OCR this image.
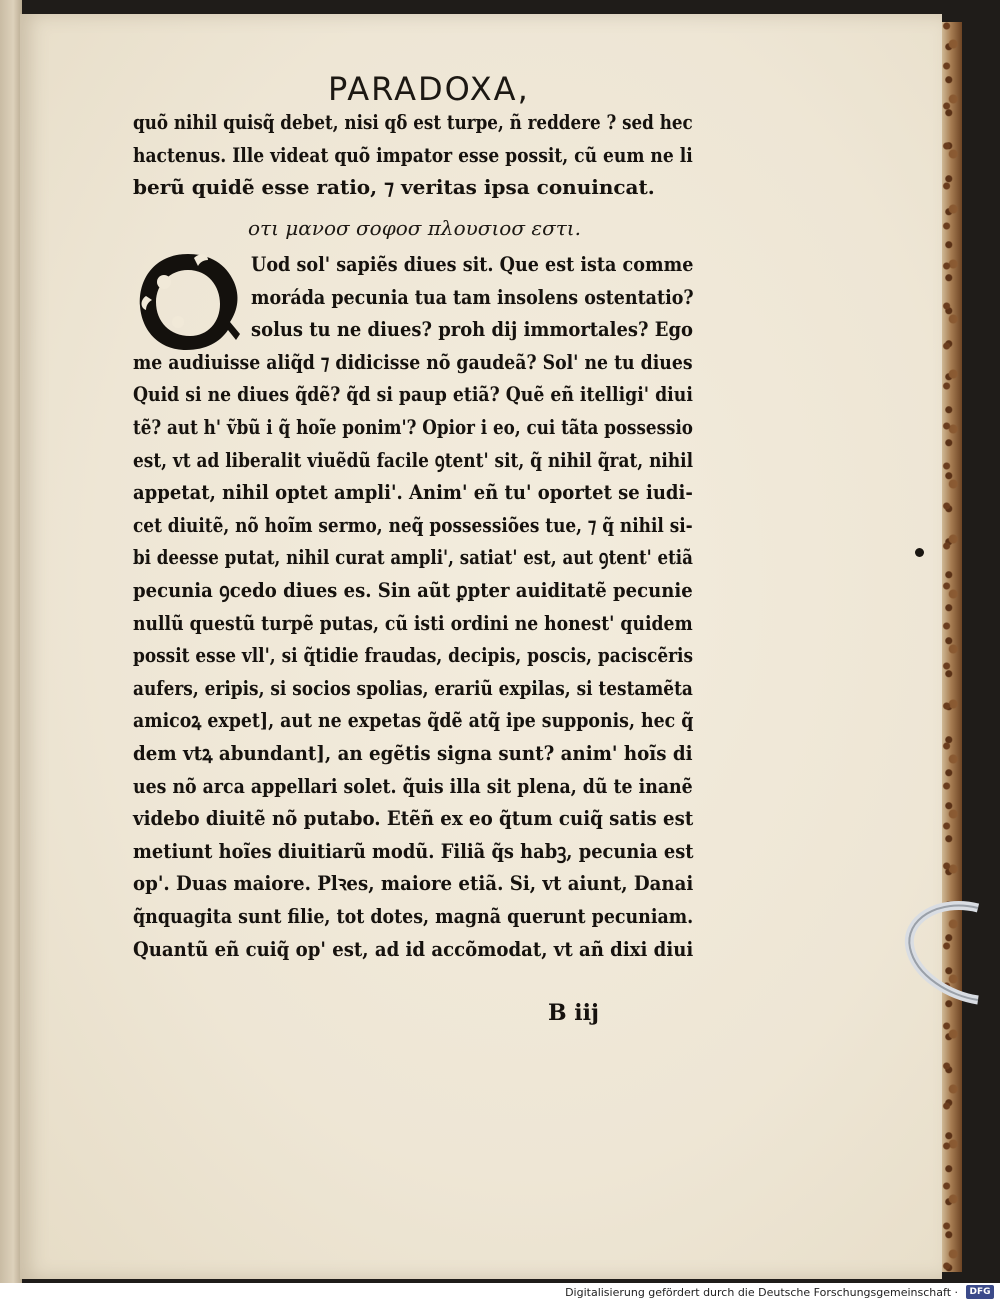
PARADOXA,
quõ nihil quisq̃ debet, nisi qδ est turpe, ñ reddere ? sed hec
hactenus. Ille videat quõ impator esse possit, cũ eum ne li
berũ quidẽ esse ratio, ⁊ veritas ipsa conuincat.
Uod sol' sapiẽs diues sit. Que est ista comme
moráda pecunia tua tam insolens ostentatio?
solus tu ne diues? proh dij immortales? Ego
me audiuisse aliq̃d ⁊ didicisse nõ gaudeã? Sol' ne tu diues
Quid si ne diues q̃dẽ? q̃d si paup etiã? Quẽ eñ itelligi' diui
tẽ? aut h' ṽbũ i q̃ hoĩe ponim'? Opior i eo, cui tãta possessio
est, vt ad liberalit viuẽdũ facile ꝯtent' sit, q̃ nihil q̃rat, nihil
appetat, nihil optet ampli'. Anim' eñ tu' oportet se iudi-
cet diuitẽ, nõ hoĩm sermo, neq̃ possessiões tue, ⁊ q̃ nihil si-
bi deesse putat, nihil curat ampli', satiat' est, aut ꝯtent' etiã
pecunia ꝯcedo diues es. Sin aũt ꝑpter auiditatẽ pecunie
nullũ questũ turpẽ putas, cũ isti ordini ne honest' quidem
possit esse vll', si q̃tidie fraudas, decipis, poscis, paciscẽris
aufers, eripis, si socios spolias, erariũ expilas, si testamẽta
amicoꝝ expet], aut ne expetas q̃dẽ atq̃ ipe supponis, hec q̃
dem vtꝝ abundant], an egẽtis signa sunt? anim' hoĩs di
ues nõ arca appellari solet. q̃uis illa sit plena, dũ te inanẽ
videbo diuitẽ nõ putabo. Etẽñ ex eo q̃tum cuiq̃ satis est
metiunt hoĩes diuitiarũ modũ. Filiã q̃s habꝫ, pecunia est
op'. Duas maiore. Plꝛes, maiore etiã. Si, vt aiunt, Danai
q̃nquagita sunt filie, tot dotes, magnã querunt pecuniam.
Quantũ eñ cuiq̃ op' est, ad id accõmodat, vt añ dixi diui
οτι μανοσ σοφοσ πλουσιοσ εστι.
B iij
Digitalisierung gefördert durch die Deutsche Forschungsgemeinschaft ·	DFG
